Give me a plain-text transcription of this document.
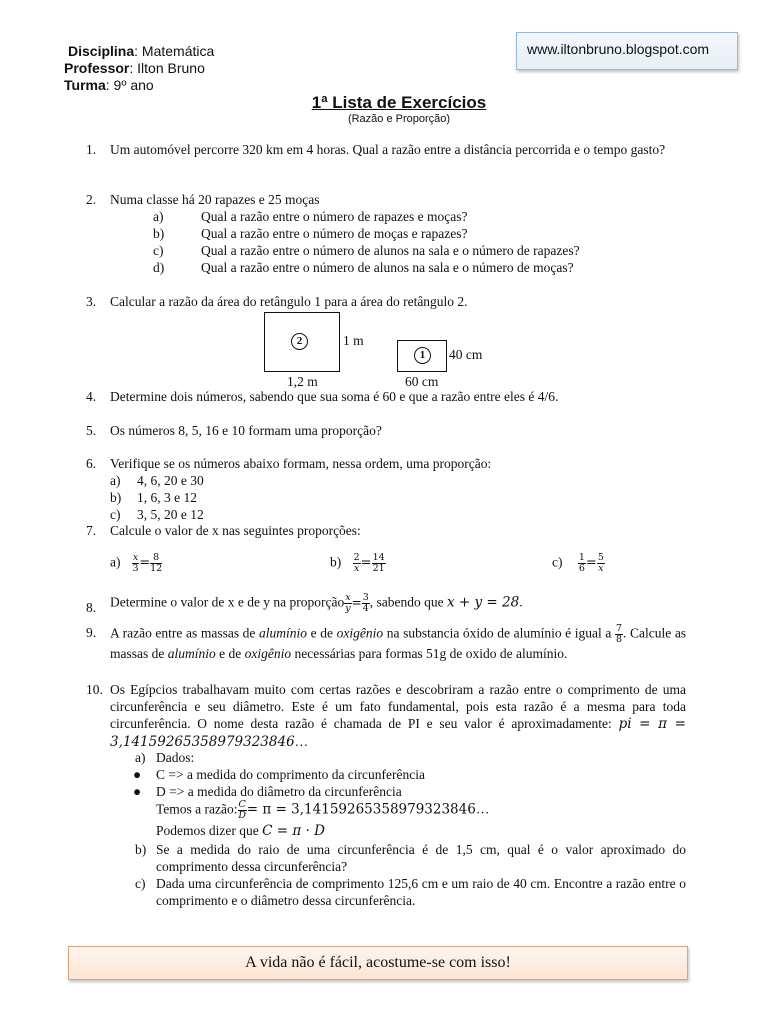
Disciplina: Matemática
Professor: Ilton Bruno
Turma: 9º ano
www.iltonbruno.blogspot.com
1ª Lista de Exercícios
(Razão e Proporção)
1. Um automóvel percorre 320 km em 4 horas. Qual a razão entre a distância percorrida e o tempo gasto?
2. Numa classe há 20 rapazes e 25 moças
a)	Qual a razão entre o número de rapazes e moças?
b)	Qual a razão entre o número de moças e rapazes?
c)	Qual a razão entre o número de alunos na sala e o número de rapazes?
d)	Qual a razão entre o número de alunos na sala e o número de moças?
3. Calcular a razão da área do retângulo 1 para a área do retângulo 2.
2	1 m
1,2 m
1	40 cm
60 cm
4. Determine dois números, sabendo que sua soma é 60 e que a razão entre eles é 4/6.
5. Os números 8, 5, 16 e 10 formam uma proporção?
6. Verifique se os números abaixo formam, nessa ordem, uma proporção:
a) 4, 6, 20 e 30
b) 1, 6, 3 e 12
c) 3, 5, 20 e 12
7. Calcule o valor de x nas seguintes proporções:
$a) \frac{x}{3} = \frac{8}{12}$	$b) \frac{2}{x} = \frac{14}{21}$	$c) \frac{1}{6} = \frac{5}{x}$
8. Determine o valor de x e de y na proporção $\frac{x}{y} = \frac{3}{4}$ , sabendo que x + y = 28.
9. A razão entre as massas de alumínio e de oxigênio na substancia óxido de alumínio é igual a $\frac{7}{8}$ . Calcule as massas de alumínio e de oxigênio necessárias para formas 51g de oxido de alumínio.
10. Os Egípcios trabalhavam muito com certas razões e descobriram a razão entre o comprimento de uma circunferência e seu diâmetro. Este é um fato fundamental, pois esta razão é a mesma para toda circunferência. O nome desta razão é chamada de PI e seu valor é aproximadamente: pi = π = 3,14159265358979323846…
a) Dados:
● C => a medida do comprimento da circunferência
● D => a medida do diâmetro da circunferência
Temos a razão: $\frac{C}{D} = \pi$ = 3,14159265358979323846…
Podemos dizer que C = π · D
b) Se a medida do raio de uma circunferência é de 1,5 cm, qual é o valor aproximado do comprimento dessa circunferência?
c) Dada uma circunferência de comprimento 125,6 cm e um raio de 40 cm. Encontre a razão entre o comprimento e o diâmetro dessa circunferência.
A vida não é fácil, acostume-se com isso!
